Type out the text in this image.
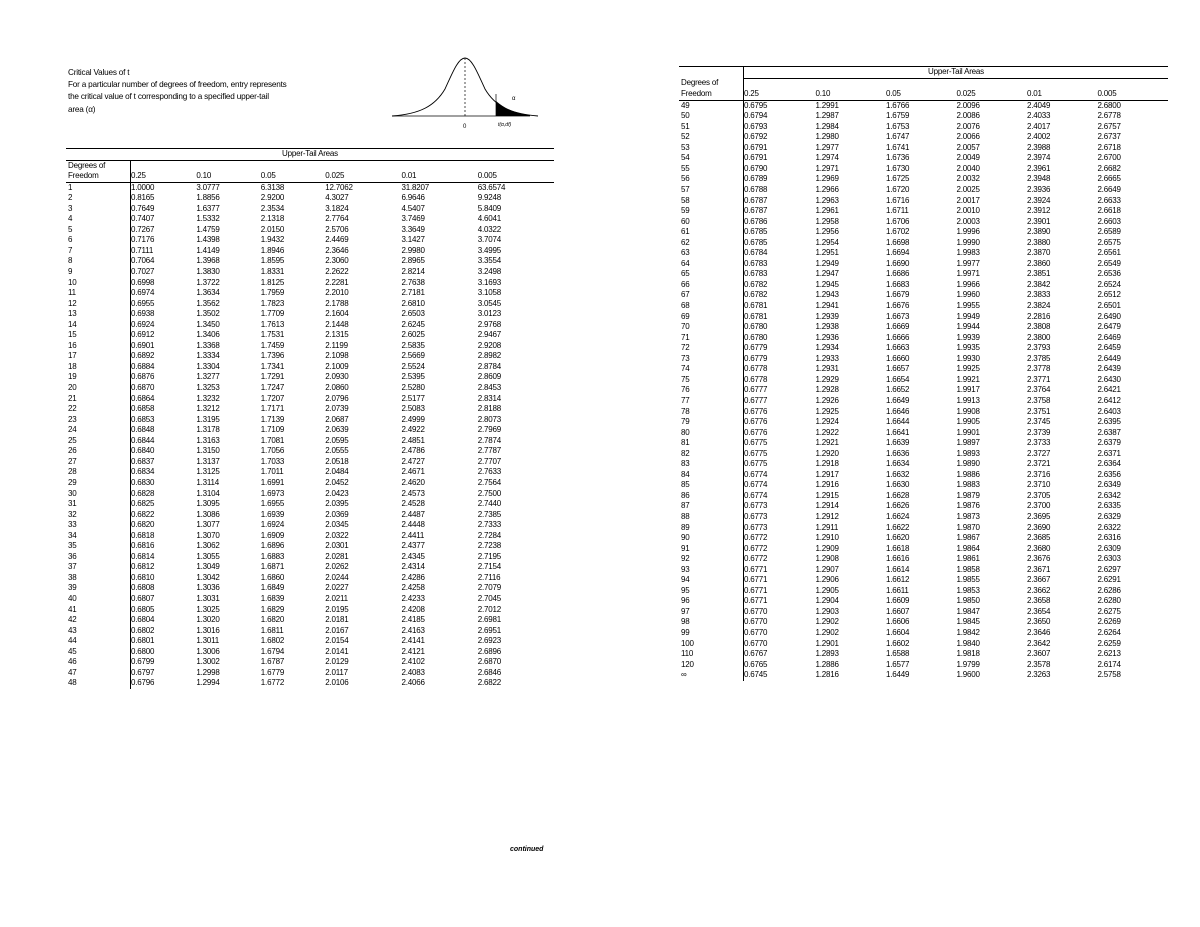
Critical Values of t
For a particular number of degrees of freedom, entry represents
the critical value of t corresponding to a specified upper-tail
area (α)
0	t(α,df)
α
Upper-Tail Areas						
Degrees of						
Freedom	0.25	0.10	0.05	0.025	0.01	0.005
1	1.0000	3.0777	6.3138	12.7062	31.8207	63.6574
2	0.8165	1.8856	2.9200	4.3027	6.9646	9.9248
3	0.7649	1.6377	2.3534	3.1824	4.5407	5.8409
4	0.7407	1.5332	2.1318	2.7764	3.7469	4.6041
5	0.7267	1.4759	2.0150	2.5706	3.3649	4.0322
6	0.7176	1.4398	1.9432	2.4469	3.1427	3.7074
7	0.7111	1.4149	1.8946	2.3646	2.9980	3.4995
8	0.7064	1.3968	1.8595	2.3060	2.8965	3.3554
9	0.7027	1.3830	1.8331	2.2622	2.8214	3.2498
10	0.6998	1.3722	1.8125	2.2281	2.7638	3.1693
11	0.6974	1.3634	1.7959	2.2010	2.7181	3.1058
12	0.6955	1.3562	1.7823	2.1788	2.6810	3.0545
13	0.6938	1.3502	1.7709	2.1604	2.6503	3.0123
14	0.6924	1.3450	1.7613	2.1448	2.6245	2.9768
15	0.6912	1.3406	1.7531	2.1315	2.6025	2.9467
16	0.6901	1.3368	1.7459	2.1199	2.5835	2.9208
17	0.6892	1.3334	1.7396	2.1098	2.5669	2.8982
18	0.6884	1.3304	1.7341	2.1009	2.5524	2.8784
19	0.6876	1.3277	1.7291	2.0930	2.5395	2.8609
20	0.6870	1.3253	1.7247	2.0860	2.5280	2.8453
21	0.6864	1.3232	1.7207	2.0796	2.5177	2.8314
22	0.6858	1.3212	1.7171	2.0739	2.5083	2.8188
23	0.6853	1.3195	1.7139	2.0687	2.4999	2.8073
24	0.6848	1.3178	1.7109	2.0639	2.4922	2.7969
25	0.6844	1.3163	1.7081	2.0595	2.4851	2.7874
26	0.6840	1.3150	1.7056	2.0555	2.4786	2.7787
27	0.6837	1.3137	1.7033	2.0518	2.4727	2.7707
28	0.6834	1.3125	1.7011	2.0484	2.4671	2.7633
29	0.6830	1.3114	1.6991	2.0452	2.4620	2.7564
30	0.6828	1.3104	1.6973	2.0423	2.4573	2.7500
31	0.6825	1.3095	1.6955	2.0395	2.4528	2.7440
32	0.6822	1.3086	1.6939	2.0369	2.4487	2.7385
33	0.6820	1.3077	1.6924	2.0345	2.4448	2.7333
34	0.6818	1.3070	1.6909	2.0322	2.4411	2.7284
35	0.6816	1.3062	1.6896	2.0301	2.4377	2.7238
36	0.6814	1.3055	1.6883	2.0281	2.4345	2.7195
37	0.6812	1.3049	1.6871	2.0262	2.4314	2.7154
38	0.6810	1.3042	1.6860	2.0244	2.4286	2.7116
39	0.6808	1.3036	1.6849	2.0227	2.4258	2.7079
40	0.6807	1.3031	1.6839	2.0211	2.4233	2.7045
41	0.6805	1.3025	1.6829	2.0195	2.4208	2.7012
42	0.6804	1.3020	1.6820	2.0181	2.4185	2.6981
43	0.6802	1.3016	1.6811	2.0167	2.4163	2.6951
44	0.6801	1.3011	1.6802	2.0154	2.4141	2.6923
45	0.6800	1.3006	1.6794	2.0141	2.4121	2.6896
46	0.6799	1.3002	1.6787	2.0129	2.4102	2.6870
47	0.6797	1.2998	1.6779	2.0117	2.4083	2.6846
48	0.6796	1.2994	1.6772	2.0106	2.4066	2.6822
continued
	Upper-Tail Areas					
Degrees of						
Freedom	0.25	0.10	0.05	0.025	0.01	0.005
49	0.6795	1.2991	1.6766	2.0096	2.4049	2.6800
50	0.6794	1.2987	1.6759	2.0086	2.4033	2.6778
51	0.6793	1.2984	1.6753	2.0076	2.4017	2.6757
52	0.6792	1.2980	1.6747	2.0066	2.4002	2.6737
53	0.6791	1.2977	1.6741	2.0057	2.3988	2.6718
54	0.6791	1.2974	1.6736	2.0049	2.3974	2.6700
55	0.6790	1.2971	1.6730	2.0040	2.3961	2.6682
56	0.6789	1.2969	1.6725	2.0032	2.3948	2.6665
57	0.6788	1.2966	1.6720	2.0025	2.3936	2.6649
58	0.6787	1.2963	1.6716	2.0017	2.3924	2.6633
59	0.6787	1.2961	1.6711	2.0010	2.3912	2.6618
60	0.6786	1.2958	1.6706	2.0003	2.3901	2.6603
61	0.6785	1.2956	1.6702	1.9996	2.3890	2.6589
62	0.6785	1.2954	1.6698	1.9990	2.3880	2.6575
63	0.6784	1.2951	1.6694	1.9983	2.3870	2.6561
64	0.6783	1.2949	1.6690	1.9977	2.3860	2.6549
65	0.6783	1.2947	1.6686	1.9971	2.3851	2.6536
66	0.6782	1.2945	1.6683	1.9966	2.3842	2.6524
67	0.6782	1.2943	1.6679	1.9960	2.3833	2.6512
68	0.6781	1.2941	1.6676	1.9955	2.3824	2.6501
69	0.6781	1.2939	1.6673	1.9949	2.2816	2.6490
70	0.6780	1.2938	1.6669	1.9944	2.3808	2.6479
71	0.6780	1.2936	1.6666	1.9939	2.3800	2.6469
72	0.6779	1.2934	1.6663	1.9935	2.3793	2.6459
73	0.6779	1.2933	1.6660	1.9930	2.3785	2.6449
74	0.6778	1.2931	1.6657	1.9925	2.3778	2.6439
75	0.6778	1.2929	1.6654	1.9921	2.3771	2.6430
76	0.6777	1.2928	1.6652	1.9917	2.3764	2.6421
77	0.6777	1.2926	1.6649	1.9913	2.3758	2.6412
78	0.6776	1.2925	1.6646	1.9908	2.3751	2.6403
79	0.6776	1.2924	1.6644	1.9905	2.3745	2.6395
80	0.6776	1.2922	1.6641	1.9901	2.3739	2.6387
81	0.6775	1.2921	1.6639	1.9897	2.3733	2.6379
82	0.6775	1.2920	1.6636	1.9893	2.3727	2.6371
83	0.6775	1.2918	1.6634	1.9890	2.3721	2.6364
84	0.6774	1.2917	1.6632	1.9886	2.3716	2.6356
85	0.6774	1.2916	1.6630	1.9883	2.3710	2.6349
86	0.6774	1.2915	1.6628	1.9879	2.3705	2.6342
87	0.6773	1.2914	1.6626	1.9876	2.3700	2.6335
88	0.6773	1.2912	1.6624	1.9873	2.3695	2.6329
89	0.6773	1.2911	1.6622	1.9870	2.3690	2.6322
90	0.6772	1.2910	1.6620	1.9867	2.3685	2.6316
91	0.6772	1.2909	1.6618	1.9864	2.3680	2.6309
92	0.6772	1.2908	1.6616	1.9861	2.3676	2.6303
93	0.6771	1.2907	1.6614	1.9858	2.3671	2.6297
94	0.6771	1.2906	1.6612	1.9855	2.3667	2.6291
95	0.6771	1.2905	1.6611	1.9853	2.3662	2.6286
96	0.6771	1.2904	1.6609	1.9850	2.3658	2.6280
97	0.6770	1.2903	1.6607	1.9847	2.3654	2.6275
98	0.6770	1.2902	1.6606	1.9845	2.3650	2.6269
99	0.6770	1.2902	1.6604	1.9842	2.3646	2.6264
100	0.6770	1.2901	1.6602	1.9840	2.3642	2.6259
110	0.6767	1.2893	1.6588	1.9818	2.3607	2.6213
120	0.6765	1.2886	1.6577	1.9799	2.3578	2.6174
∞	0.6745	1.2816	1.6449	1.9600	2.3263	2.5758
